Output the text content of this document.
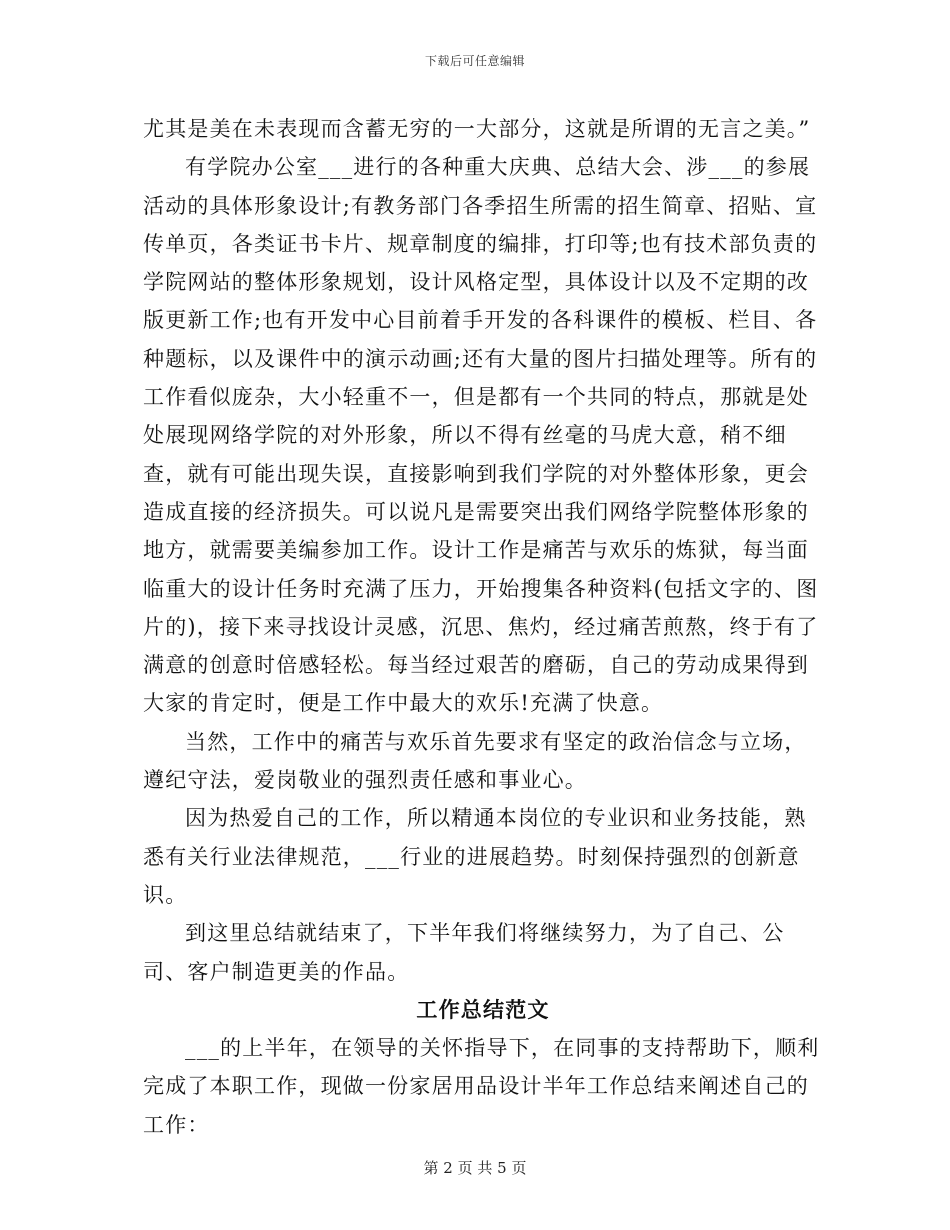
下载后可任意编辑

尤其是美在未表现而含蓄无穷的一大部分，这就是所谓的无言之美。”

有学院办公室___进行的各种重大庆典、总结大会、涉___的参展活动的具体形象设计;有教务部门各季招生所需的招生简章、招贴、宣传单页，各类证书卡片、规章制度的编排，打印等;也有技术部负责的学院网站的整体形象规划，设计风格定型，具体设计以及不定期的改版更新工作;也有开发中心目前着手开发的各科课件的模板、栏目、各种题标，以及课件中的演示动画;还有大量的图片扫描处理等。所有的工作看似庞杂，大小轻重不一，但是都有一个共同的特点，那就是处处展现网络学院的对外形象，所以不得有丝毫的马虎大意，稍不细查，就有可能出现失误，直接影响到我们学院的对外整体形象，更会造成直接的经济损失。可以说凡是需要突出我们网络学院整体形象的地方，就需要美编参加工作。设计工作是痛苦与欢乐的炼狱，每当面临重大的设计任务时充满了压力，开始搜集各种资料(包括文字的、图片的)，接下来寻找设计灵感，沉思、焦灼，经过痛苦煎熬，终于有了满意的创意时倍感轻松。每当经过艰苦的磨砺，自己的劳动成果得到大家的肯定时，便是工作中最大的欢乐!充满了快意。

当然，工作中的痛苦与欢乐首先要求有坚定的政治信念与立场，遵纪守法，爱岗敬业的强烈责任感和事业心。

因为热爱自己的工作，所以精通本岗位的专业识和业务技能，熟悉有关行业法律规范，___行业的进展趋势。时刻保持强烈的创新意识。

到这里总结就结束了，下半年我们将继续努力，为了自己、公司、客户制造更美的作品。

工作总结范文

___的上半年，在领导的关怀指导下，在同事的支持帮助下，顺利完成了本职工作，现做一份家居用品设计半年工作总结来阐述自己的工作：

第 2 页 共 5 页
